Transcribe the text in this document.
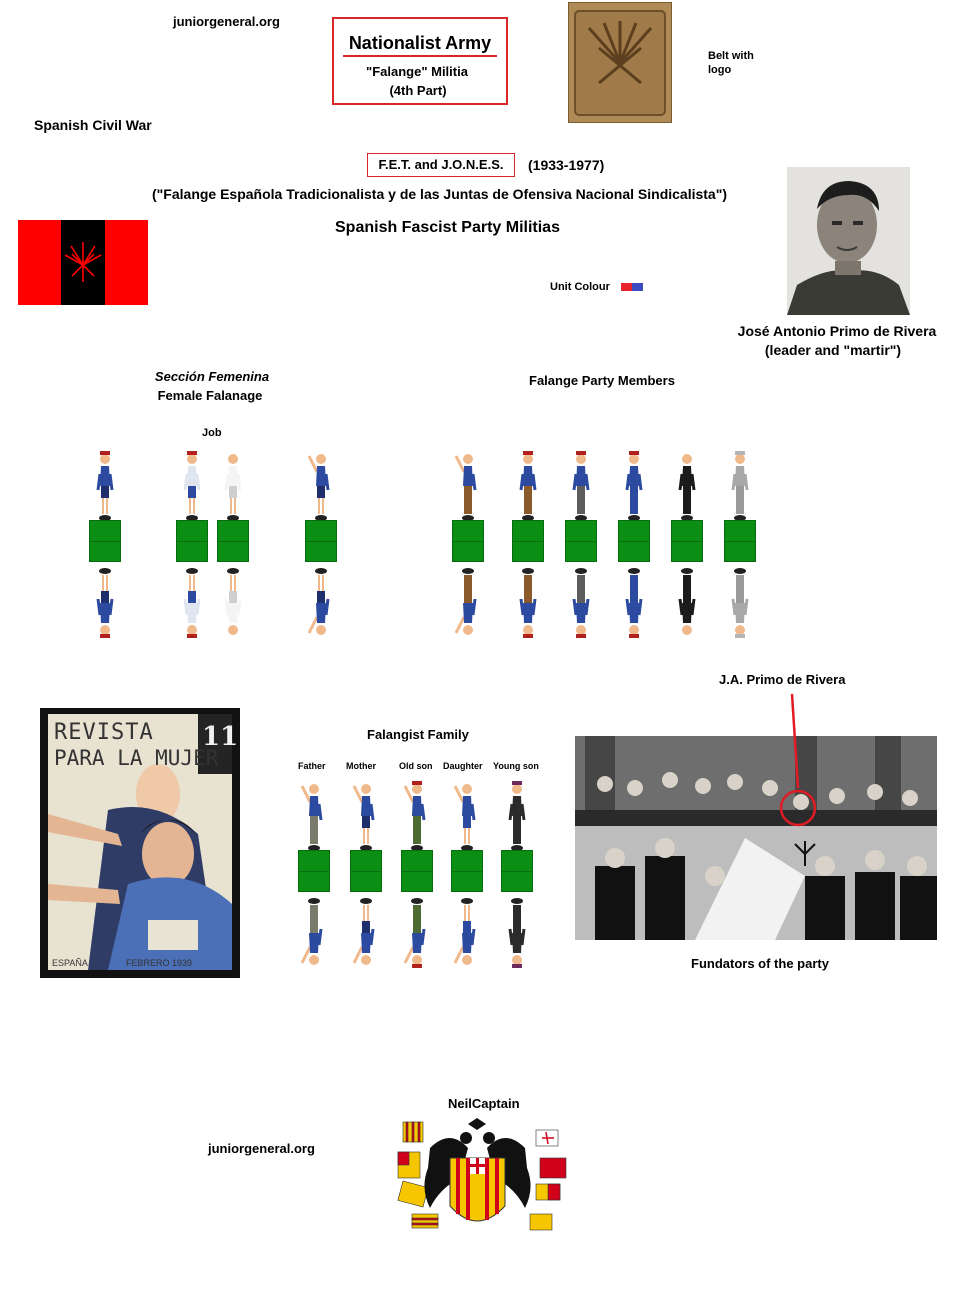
juniorgeneral.org
Spanish Civil War
Nationalist Army
"Falange" Militia
(4th Part)
Belt with logo
F.E.T. and J.O.N.E.S.	(1933-1977)
("Falange Española Tradicionalista y de las Juntas de Ofensiva Nacional Sindicalista")
Spanish Fascist Party Militias
Unit Colour
José Antonio Primo de Rivera
(leader and "martir")
Sección Femenina
Female Falanage
Job
Falange Party Members
REVISTA
PARA LA MUJER
11
ESPAÑA	FEBRERO 1939
Falangist Family
Father Mother	Old son Daughter Young son
J.A. Primo de Rivera
Fundators of the party
NeilCaptain
juniorgeneral.org
